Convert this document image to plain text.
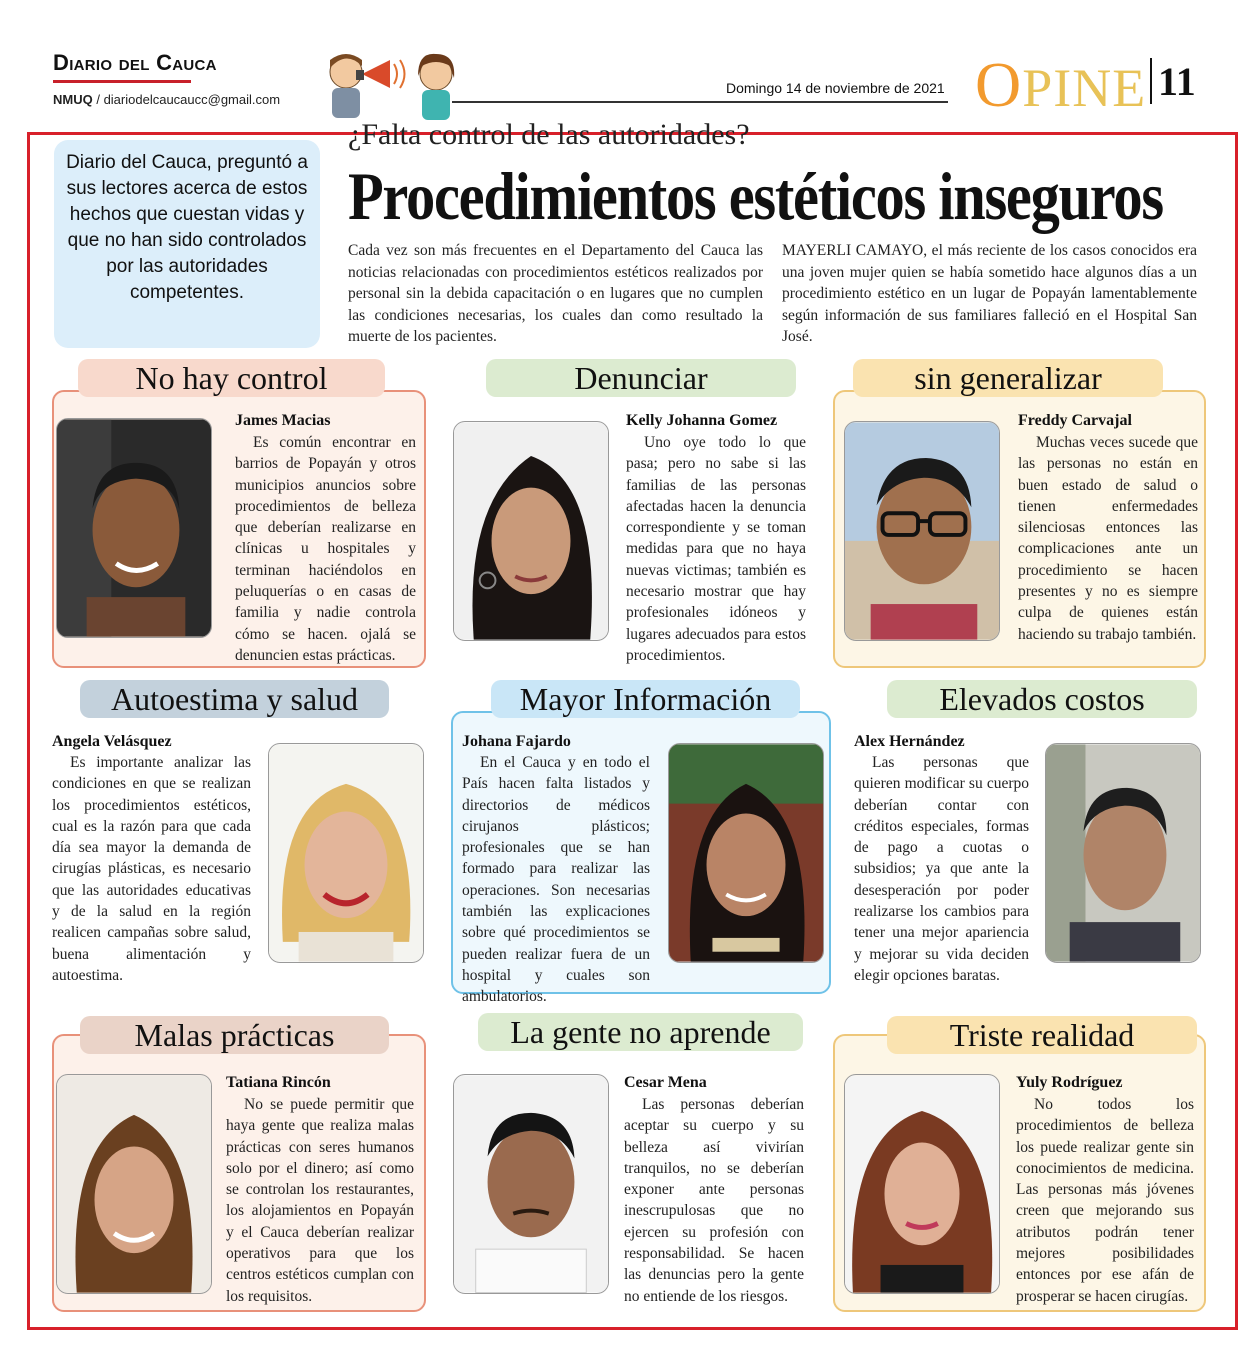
Diario del Cauca
NMUQ / diariodelcaucaucc@gmail.com
Domingo 14 de noviembre de 2021 OPINE 11
Diario del Cauca, preguntó a sus lectores acerca de estos hechos que cuestan vidas y que no han sido controlados por las autoridades competentes.
¿Falta control de las autoridades?
Procedimientos estéticos inseguros
Cada vez son más frecuentes en el Departamento del Cauca las noticias relacionadas con procedimientos estéticos realizados por personal sin la debida capacitación o en lugares que no cumplen las condiciones necesarias, los cuales dan como resultado la muerte de los pacientes.
MAYERLI CAMAYO, el más reciente de los casos conocidos era una joven mujer quien se había sometido hace algunos días a un procedimiento estético en un lugar de Popayán lamentablemente según información de sus familiares falleció en el Hospital San José.
No hay control
James Macias
Es común encontrar en barrios de Popayán y otros municipios anuncios sobre procedimientos de belleza que deberían realizarse en clínicas u hospitales y terminan haciéndolos en peluquerías o en casas de familia y nadie controla cómo se hacen. ojalá se denuncien estas prácticas.
Denunciar
Kelly Johanna Gomez
Uno oye todo lo que pasa; pero no sabe si las familias de las personas afectadas hacen la denuncia correspondiente y se toman medidas para que no haya nuevas victimas; también es necesario mostrar que hay profesionales idóneos y lugares adecuados para estos procedimientos.
sin generalizar
Freddy Carvajal
Muchas veces sucede que las personas no están en buen estado de salud o tienen enfermedades silenciosas entonces las complicaciones ante un procedimiento se hacen presentes y no es siempre culpa de quienes están haciendo su trabajo también.
Autoestima y salud
Angela Velásquez
Es importante analizar las condiciones en que se realizan los procedimientos estéticos, cual es la razón para que cada día sea mayor la demanda de cirugías plásticas, es necesario que las autoridades educativas y de la salud en la región realicen campañas sobre salud, buena alimentación y autoestima.
Mayor Información
Johana Fajardo
En el Cauca y en todo el País hacen falta listados y directorios de médicos cirujanos plásticos; profesionales que se han formado para realizar las operaciones. Son necesarias también las explicaciones sobre qué procedimientos se pueden realizar fuera de un hospital y cuales son ambulatorios.
Elevados costos
Alex Hernández
Las personas que quieren modificar su cuerpo deberían contar con créditos especiales, formas de pago a cuotas o subsidios; ya que ante la desesperación por poder realizarse los cambios para tener una mejor apariencia y mejorar su vida deciden elegir opciones baratas.
Malas prácticas
Tatiana Rincón
No se puede permitir que haya gente que realiza malas prácticas con seres humanos solo por el dinero; así como se controlan los restaurantes, los alojamientos en Popayán y el Cauca deberían realizar operativos para que los centros estéticos cumplan con los requisitos.
La gente no aprende
Cesar Mena
Las personas deberían aceptar su cuerpo y su belleza así vivirían tranquilos, no se deberían exponer ante personas inescrupulosas que no ejercen su profesión con responsabilidad. Se hacen las denuncias pero la gente no entiende de los riesgos.
Triste realidad
Yuly Rodríguez
No todos los procedimientos de belleza los puede realizar gente sin conocimientos de medicina. Las personas más jóvenes creen que mejorando sus atributos podrán tener mejores posibilidades entonces por ese afán de prosperar se hacen cirugías.
